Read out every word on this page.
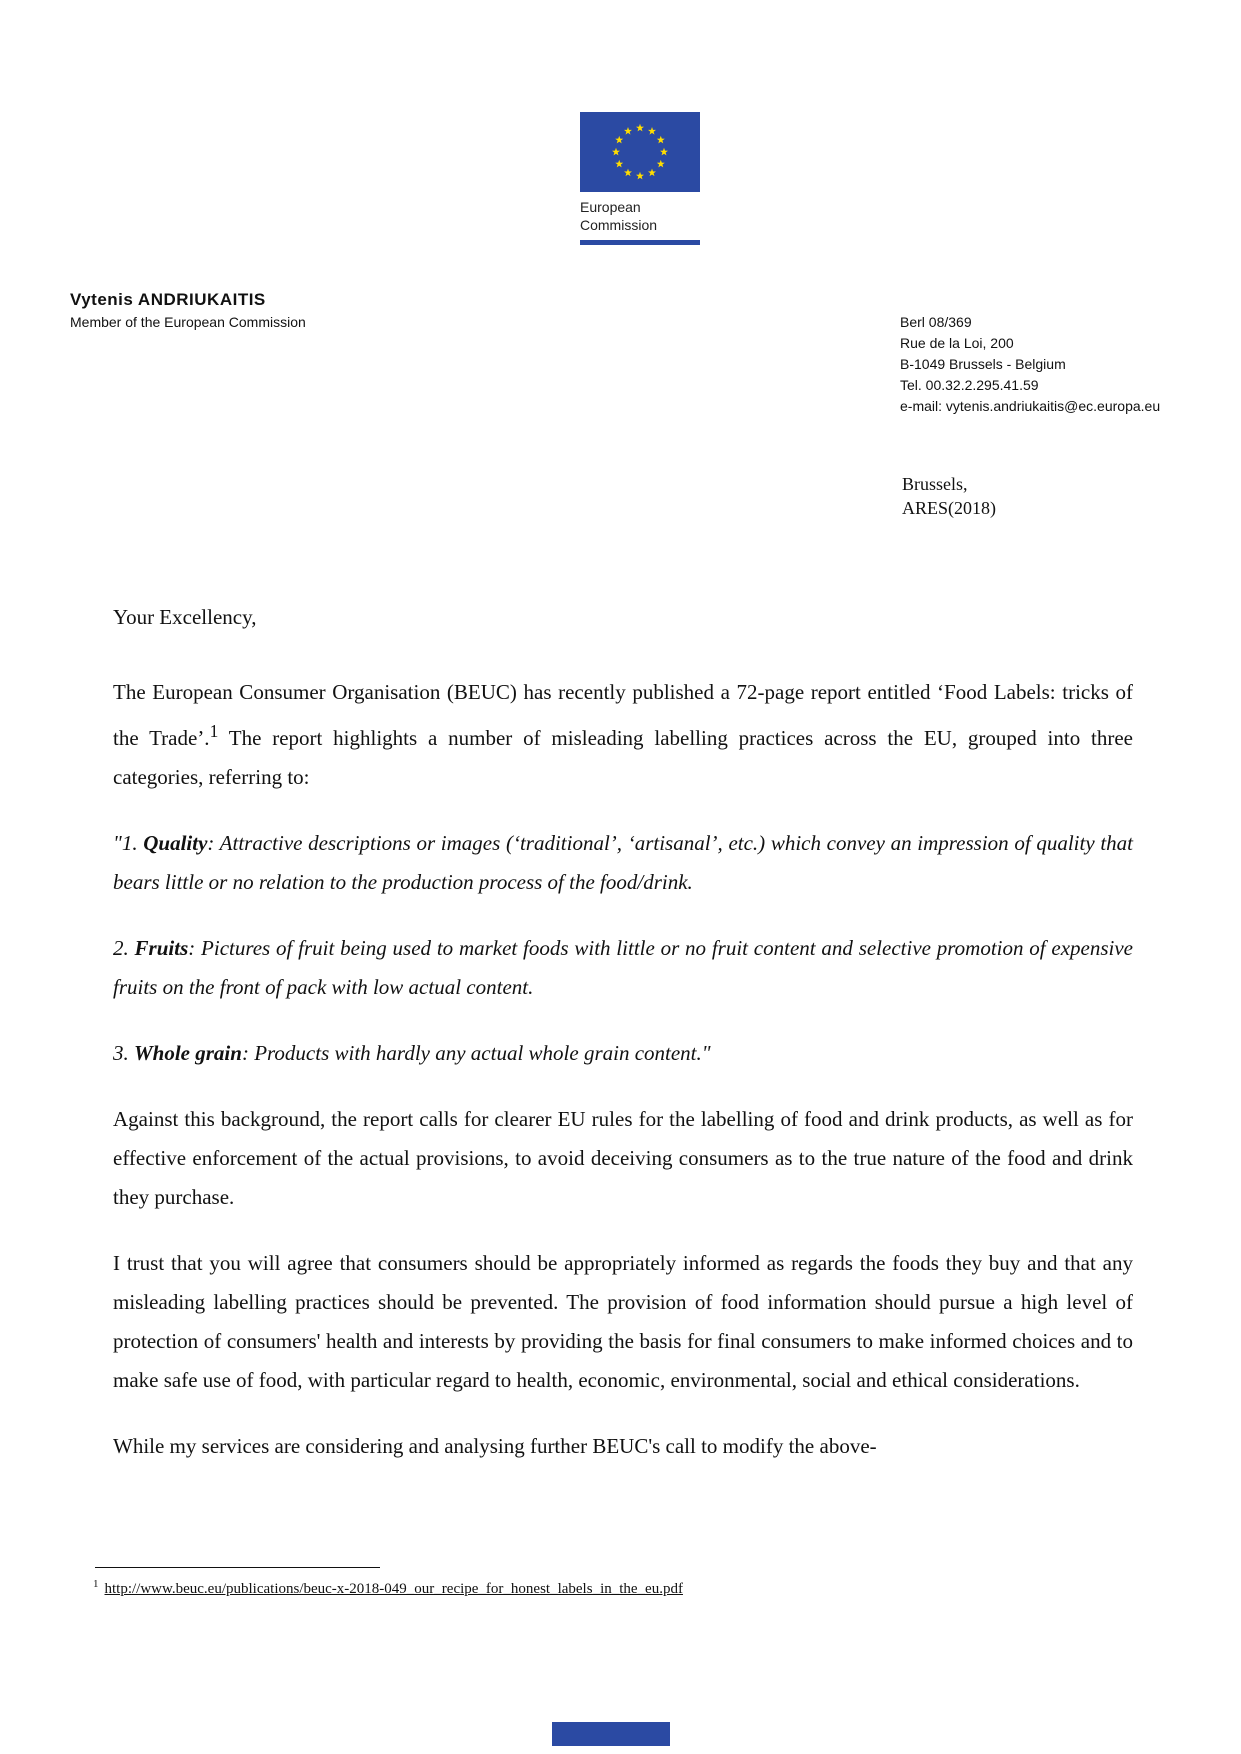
European
Commission
Vytenis ANDRIUKAITIS
Member of the European Commission	Berl 08/369
Rue de la Loi, 200
B-1049 Brussels - Belgium
Tel. 00.32.2.295.41.59
e-mail: vytenis.andriukaitis@ec.europa.eu
Brussels,
ARES(2018)

Your Excellency,

The European Consumer Organisation (BEUC) has recently published a 72-page report entitled ‘Food Labels: tricks of the Trade’.$^1$ The report highlights a number of misleading labelling practices across the EU, grouped into three categories, referring to:

"1. Quality: Attractive descriptions or images (‘traditional’, ‘artisanal’, etc.) which convey an impression of quality that bears little or no relation to the production process of the food/drink.

2. Fruits: Pictures of fruit being used to market foods with little or no fruit content and selective promotion of expensive fruits on the front of pack with low actual content.

3. Whole grain: Products with hardly any actual whole grain content."

Against this background, the report calls for clearer EU rules for the labelling of food and drink products, as well as for effective enforcement of the actual provisions, to avoid deceiving consumers as to the true nature of the food and drink they purchase.

I trust that you will agree that consumers should be appropriately informed as regards the foods they buy and that any misleading labelling practices should be prevented. The provision of food information should pursue a high level of protection of consumers' health and interests by providing the basis for final consumers to make informed choices and to make safe use of food, with particular regard to health, economic, environmental, social and ethical considerations.

While my services are considering and analysing further BEUC's call to modify the above-

$^1$ http://www.beuc.eu/publications/beuc-x-2018-049_our_recipe_for_honest_labels_in_the_eu.pdf
